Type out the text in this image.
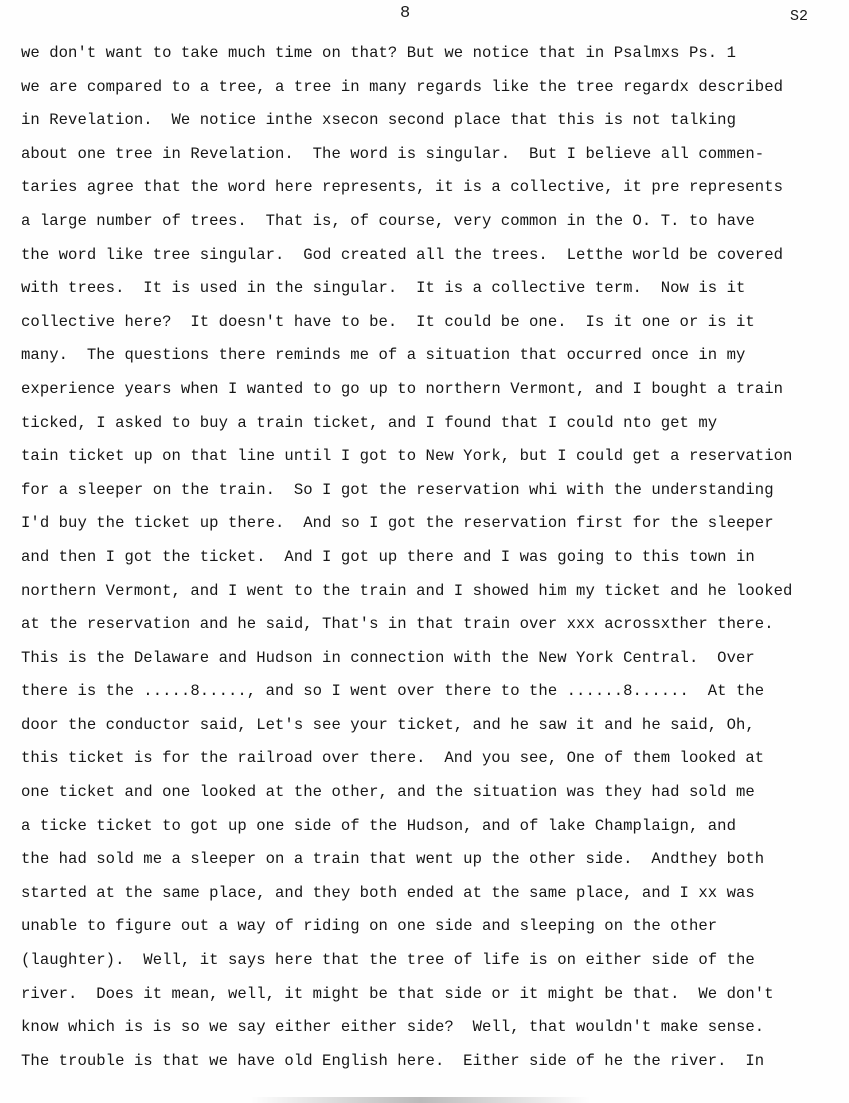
8	S2
we don't want to take much time on that? But we notice that in Psalmxs Ps. 1
we are compared to a tree, a tree in many regards like the tree regardx described
in Revelation.  We notice inthe xsecon second place that this is not talking
about one tree in Revelation.  The word is singular.  But I believe all commen-
taries agree that the word here represents, it is a collective, it pre represents
a large number of trees.  That is, of course, very common in the O. T. to have
the word like tree singular.  God created all the trees.  Letthe world be covered
with trees.  It is used in the singular.  It is a collective term.  Now is it
collective here?  It doesn't have to be.  It could be one.  Is it one or is it
many.  The questions there reminds me of a situation that occurred once in my
experience years when I wanted to go up to northern Vermont, and I bought a train
ticked, I asked to buy a train ticket, and I found that I could nto get my
tain ticket up on that line until I got to New York, but I could get a reservation
for a sleeper on the train.  So I got the reservation whi with the understanding
I'd buy the ticket up there.  And so I got the reservation first for the sleeper
and then I got the ticket.  And I got up there and I was going to this town in
northern Vermont, and I went to the train and I showed him my ticket and he looked
at the reservation and he said, That's in that train over xxx acrossxther there.
This is the Delaware and Hudson in connection with the New York Central.  Over
there is the .....8....., and so I went over there to the ......8......  At the
door the conductor said, Let's see your ticket, and he saw it and he said, Oh,
this ticket is for the railroad over there.  And you see, One of them looked at
one ticket and one looked at the other, and the situation was they had sold me
a ticke ticket to got up one side of the Hudson, and of lake Champlaign, and
the had sold me a sleeper on a train that went up the other side.  Andthey both
started at the same place, and they both ended at the same place, and I xx was
unable to figure out a way of riding on one side and sleeping on the other
(laughter).  Well, it says here that the tree of life is on either side of the
river.  Does it mean, well, it might be that side or it might be that.  We don't
know which is is so we say either either side?  Well, that wouldn't make sense.
The trouble is that we have old English here.  Either side of he the river.  In
